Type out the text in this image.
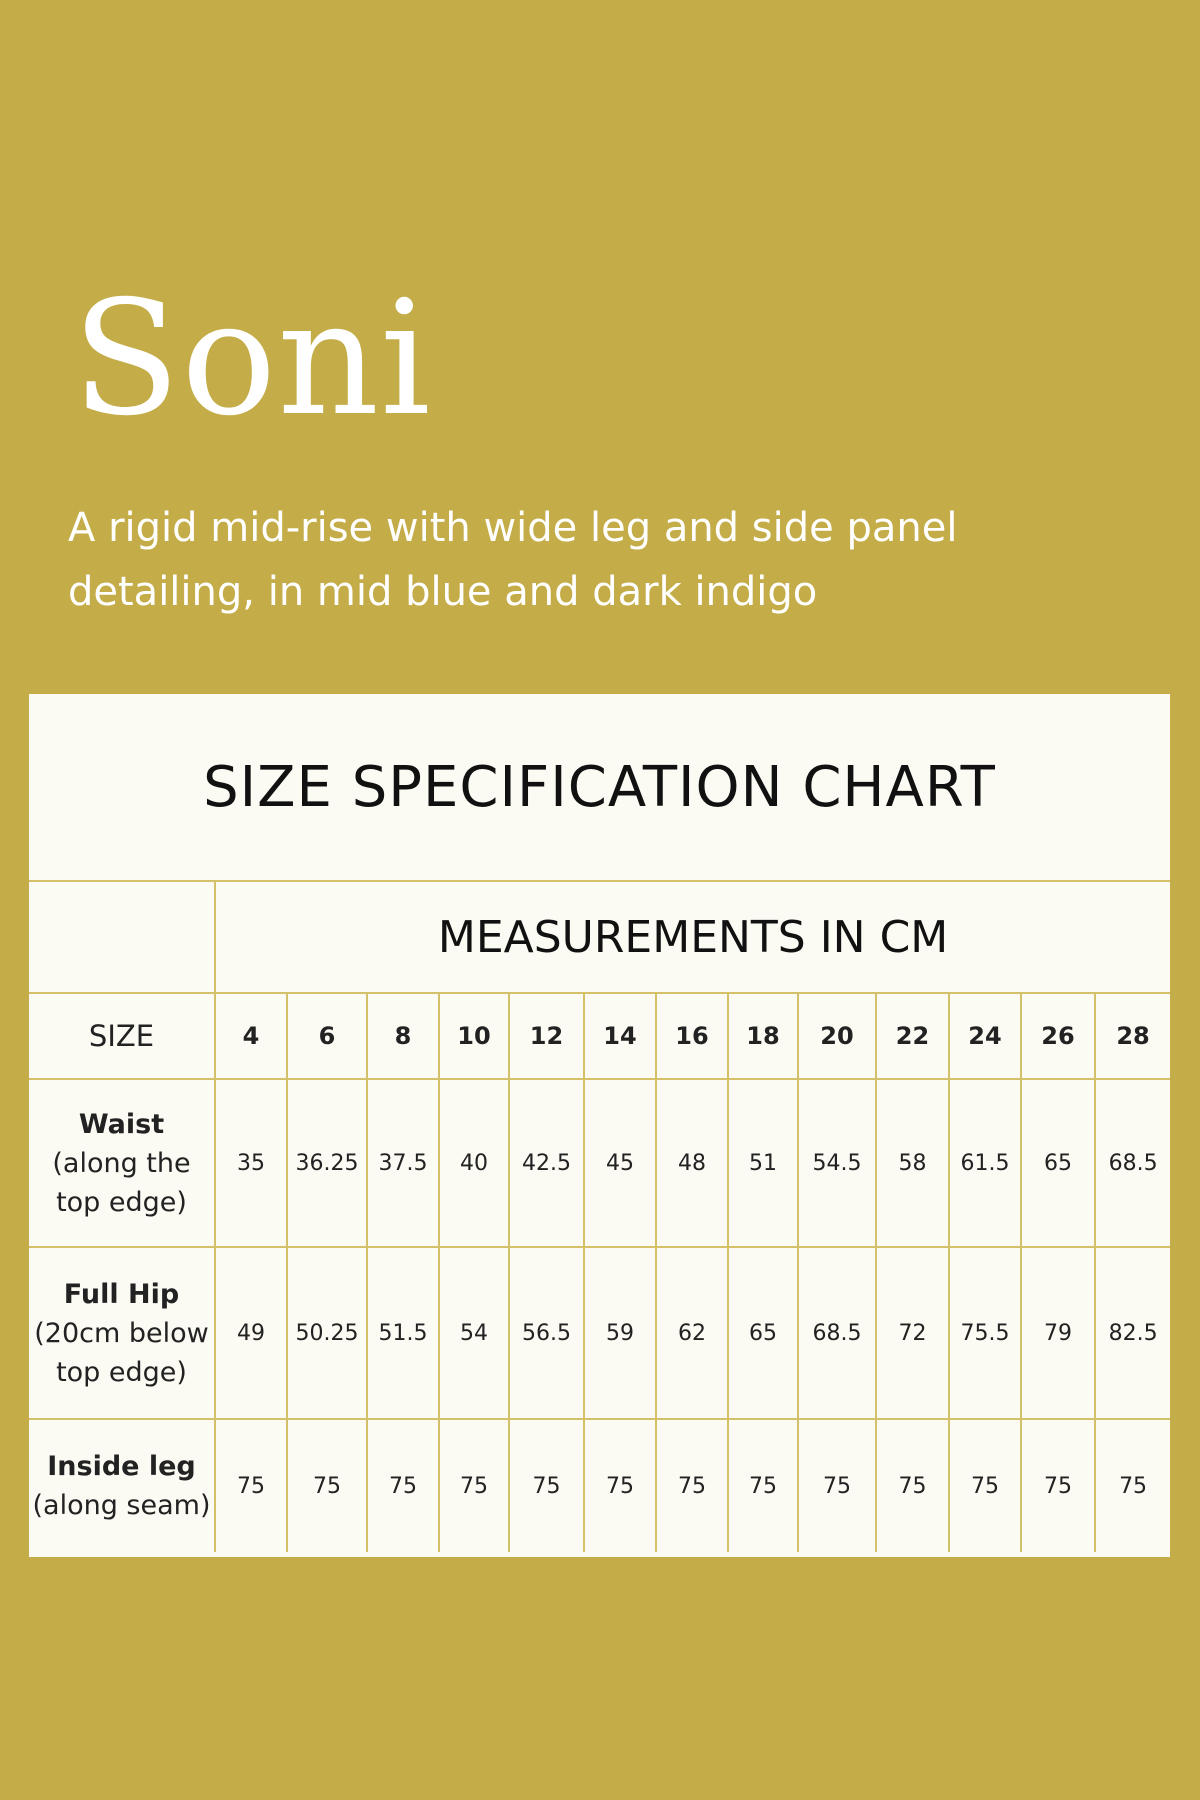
Soni

A rigid mid-rise with wide leg and side panel detailing, in mid blue and dark indigo

SIZE SPECIFICATION CHART
	MEASUREMENTS IN CM												
SIZE	4	6	8	10	12	14	16	18	20	22	24	26	28

Waist
(along the top edge)	35	36.25	37.5	40	42.5	45	48	51	54.5	58	61.5	65	68.5

Full Hip
(20cm below top edge)	49	50.25	51.5	54	56.5	59	62	65	68.5	72	75.5	79	82.5

Inside leg
(along seam)	75	75	75	75	75	75	75	75	75	75	75	75	75
